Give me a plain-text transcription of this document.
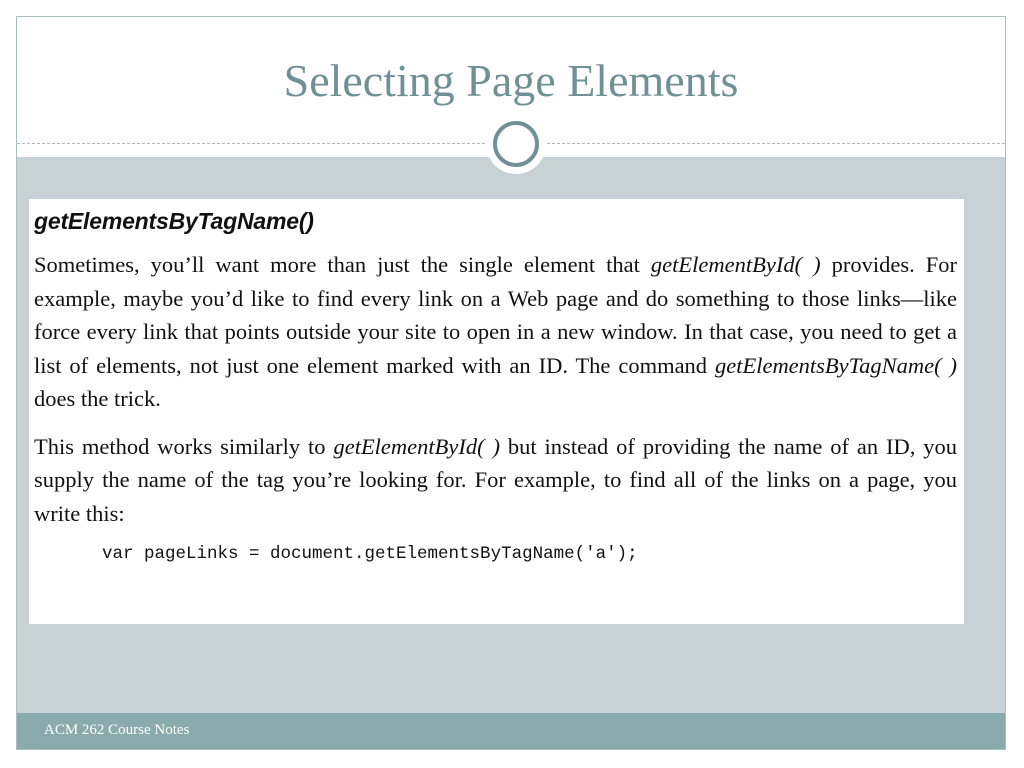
Selecting Page Elements
ACM 262 Course Notes
getElementsByTagName()

Sometimes, you’ll want more than just the single element that getElementById( ) provides. For example, maybe you’d like to find every link on a Web page and do something to those links—like force every link that points outside your site to open in a new window. In that case, you need to get a list of elements, not just one element marked with an ID. The command getElementsByTagName( ) does the trick.

This method works similarly to getElementById( ) but instead of providing the name of an ID, you supply the name of the tag you’re looking for. For example, to find all of the links on a page, you write this:

var pageLinks = document.getElementsByTagName('a');
